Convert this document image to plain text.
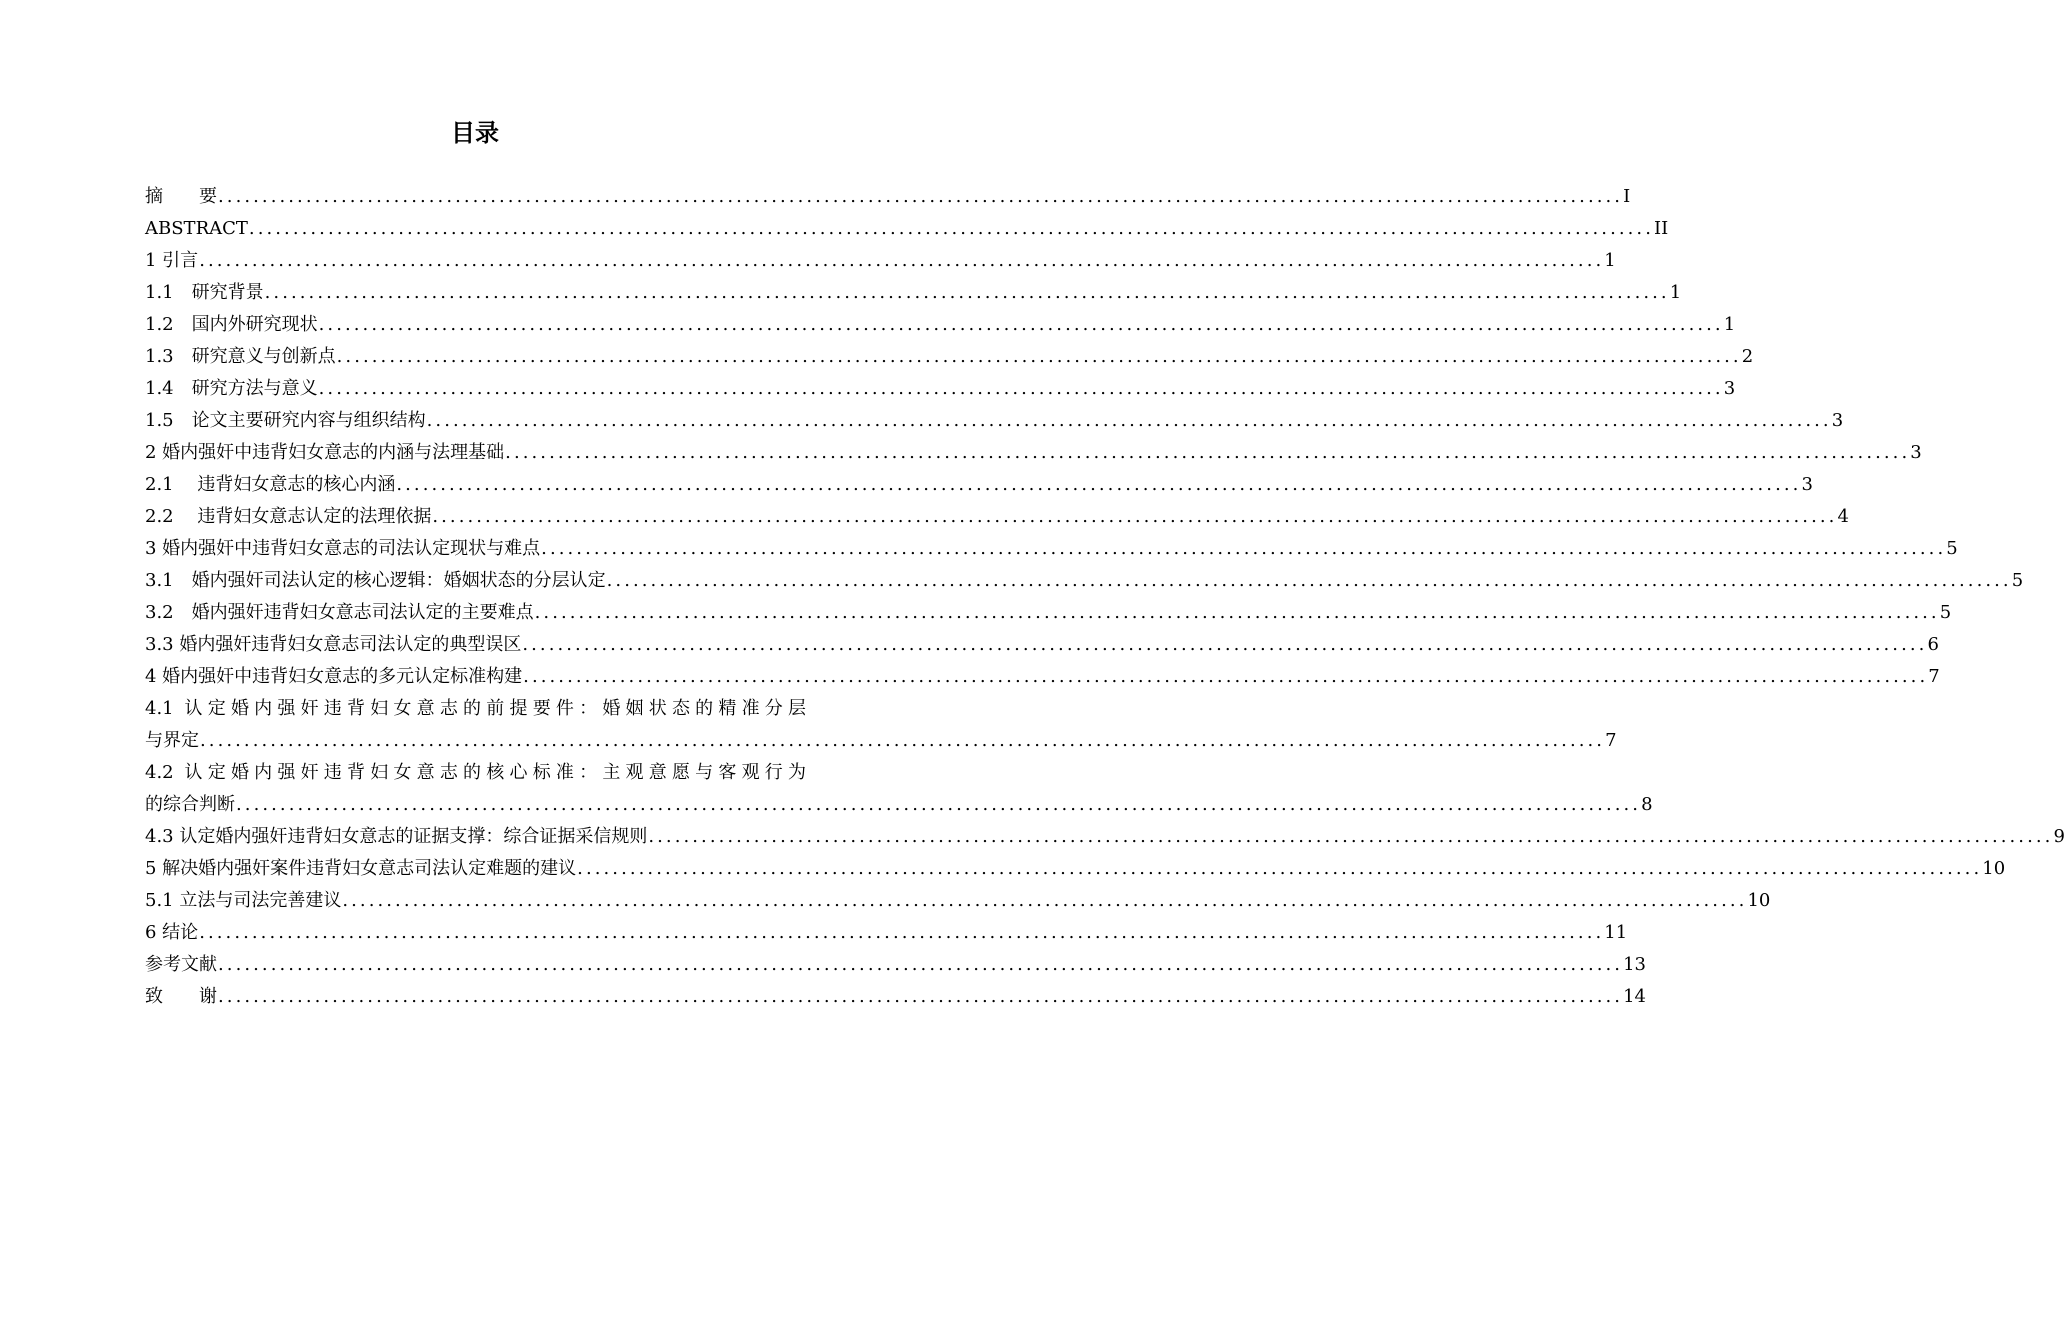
目录
摘　　要 ................................................................................................................................................................ I
ABSTRACT ................................................................................................................................................................ II
1 引言 ................................................................................................................................................................ 1
1.1　研究背景 ................................................................................................................................................................ 1
1.2　国内外研究现状 ................................................................................................................................................................ 1
1.3　研究意义与创新点 ................................................................................................................................................................ 2
1.4　研究方法与意义 ................................................................................................................................................................ 3
1.5　论文主要研究内容与组织结构 ................................................................................................................................................................ 3
2 婚内强奸中违背妇女意志的内涵与法理基础 ................................................................................................................................................................ 3
2.1　 违背妇女意志的核心内涵 ................................................................................................................................................................ 3
2.2　 违背妇女意志认定的法理依据 ................................................................................................................................................................ 4
3 婚内强奸中违背妇女意志的司法认定现状与难点 ................................................................................................................................................................ 5
3.1　婚内强奸司法认定的核心逻辑：婚姻状态的分层认定 ................................................................................................................................................................ 5
3.2　婚内强奸违背妇女意志司法认定的主要难点 ................................................................................................................................................................ 5
3.3 婚内强奸违背妇女意志司法认定的典型误区 ................................................................................................................................................................ 6
4 婚内强奸中违背妇女意志的多元认定标准构建 ................................................................................................................................................................ 7
4.1 认定婚内强奸违背妇女意志的前提要件：婚姻状态的精准分层
与界定 ................................................................................................................................................................ 7
4.2 认定婚内强奸违背妇女意志的核心标准：主观意愿与客观行为
的综合判断 ................................................................................................................................................................ 8
4.3 认定婚内强奸违背妇女意志的证据支撑：综合证据采信规则 ................................................................................................................................................................ 9
5 解决婚内强奸案件违背妇女意志司法认定难题的建议 ................................................................................................................................................................ 10
5.1 立法与司法完善建议 ................................................................................................................................................................ 10
6 结论 ................................................................................................................................................................ 11
参考文献 ................................................................................................................................................................ 13
致　　谢 ................................................................................................................................................................ 14
